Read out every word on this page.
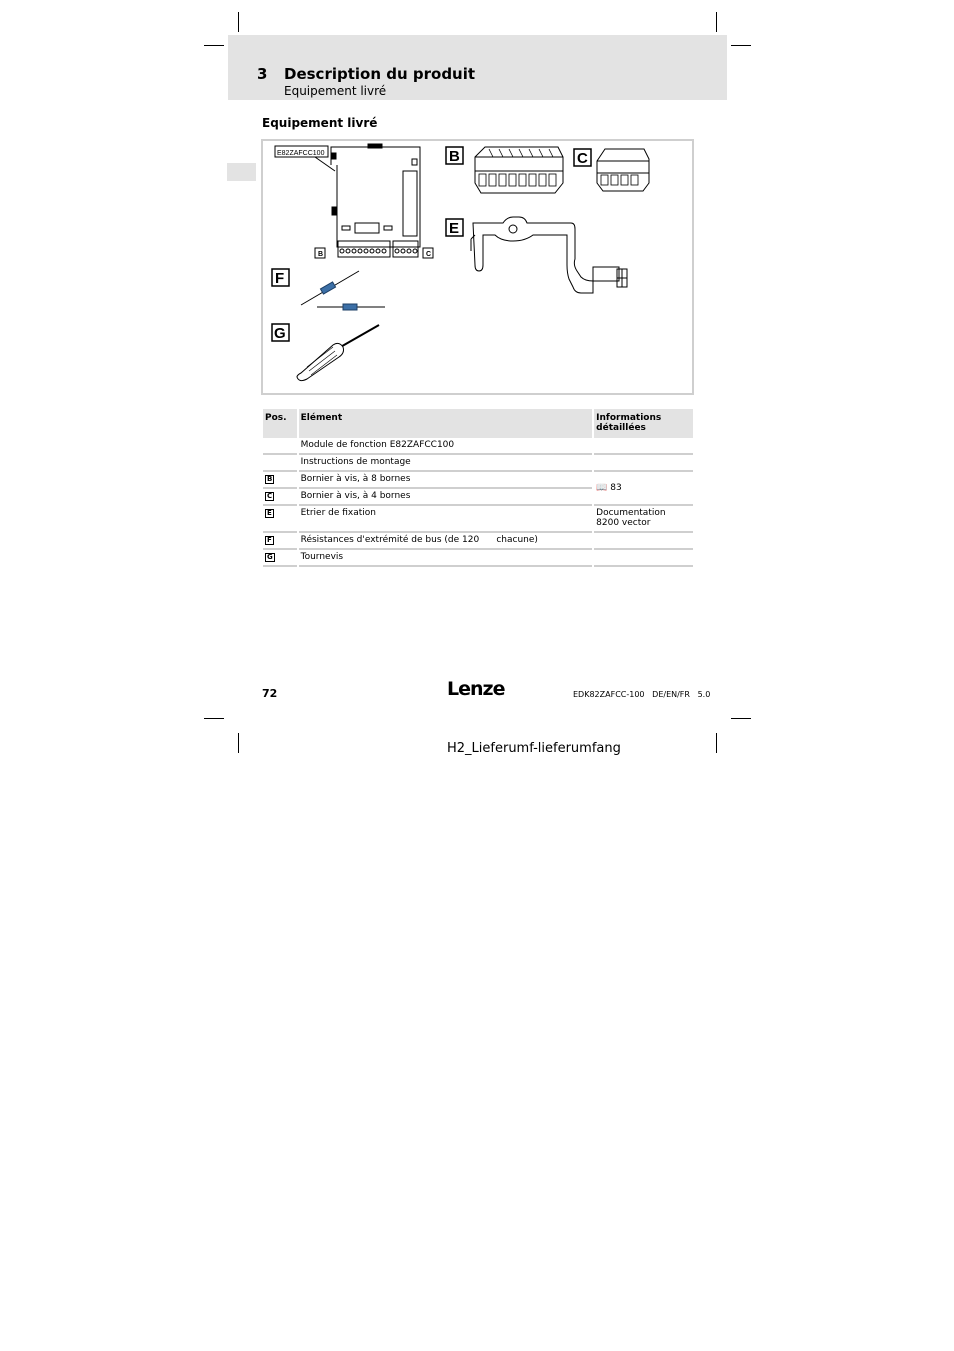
3 Description du produit
Equipement livré
Equipement livré
E82ZAFCC100
B	C
B	C
E
F
G
Pos.	Elément	Informations détaillées
	Module de fonction E82ZAFCC100	
	Instructions de montage	
B	Bornier à vis, à 8 bornes	📖 83
C	Bornier à vis, à 4 bornes	
E	Etrier de fixation	Documentation 8200 vector
F	Résistances d'extrémité de bus (de 120      chacune)	
G	Tournevis	
72	Lenze	EDK82ZAFCC-100   DE/EN/FR   5.0
H2_Lieferumf-lieferumfang
